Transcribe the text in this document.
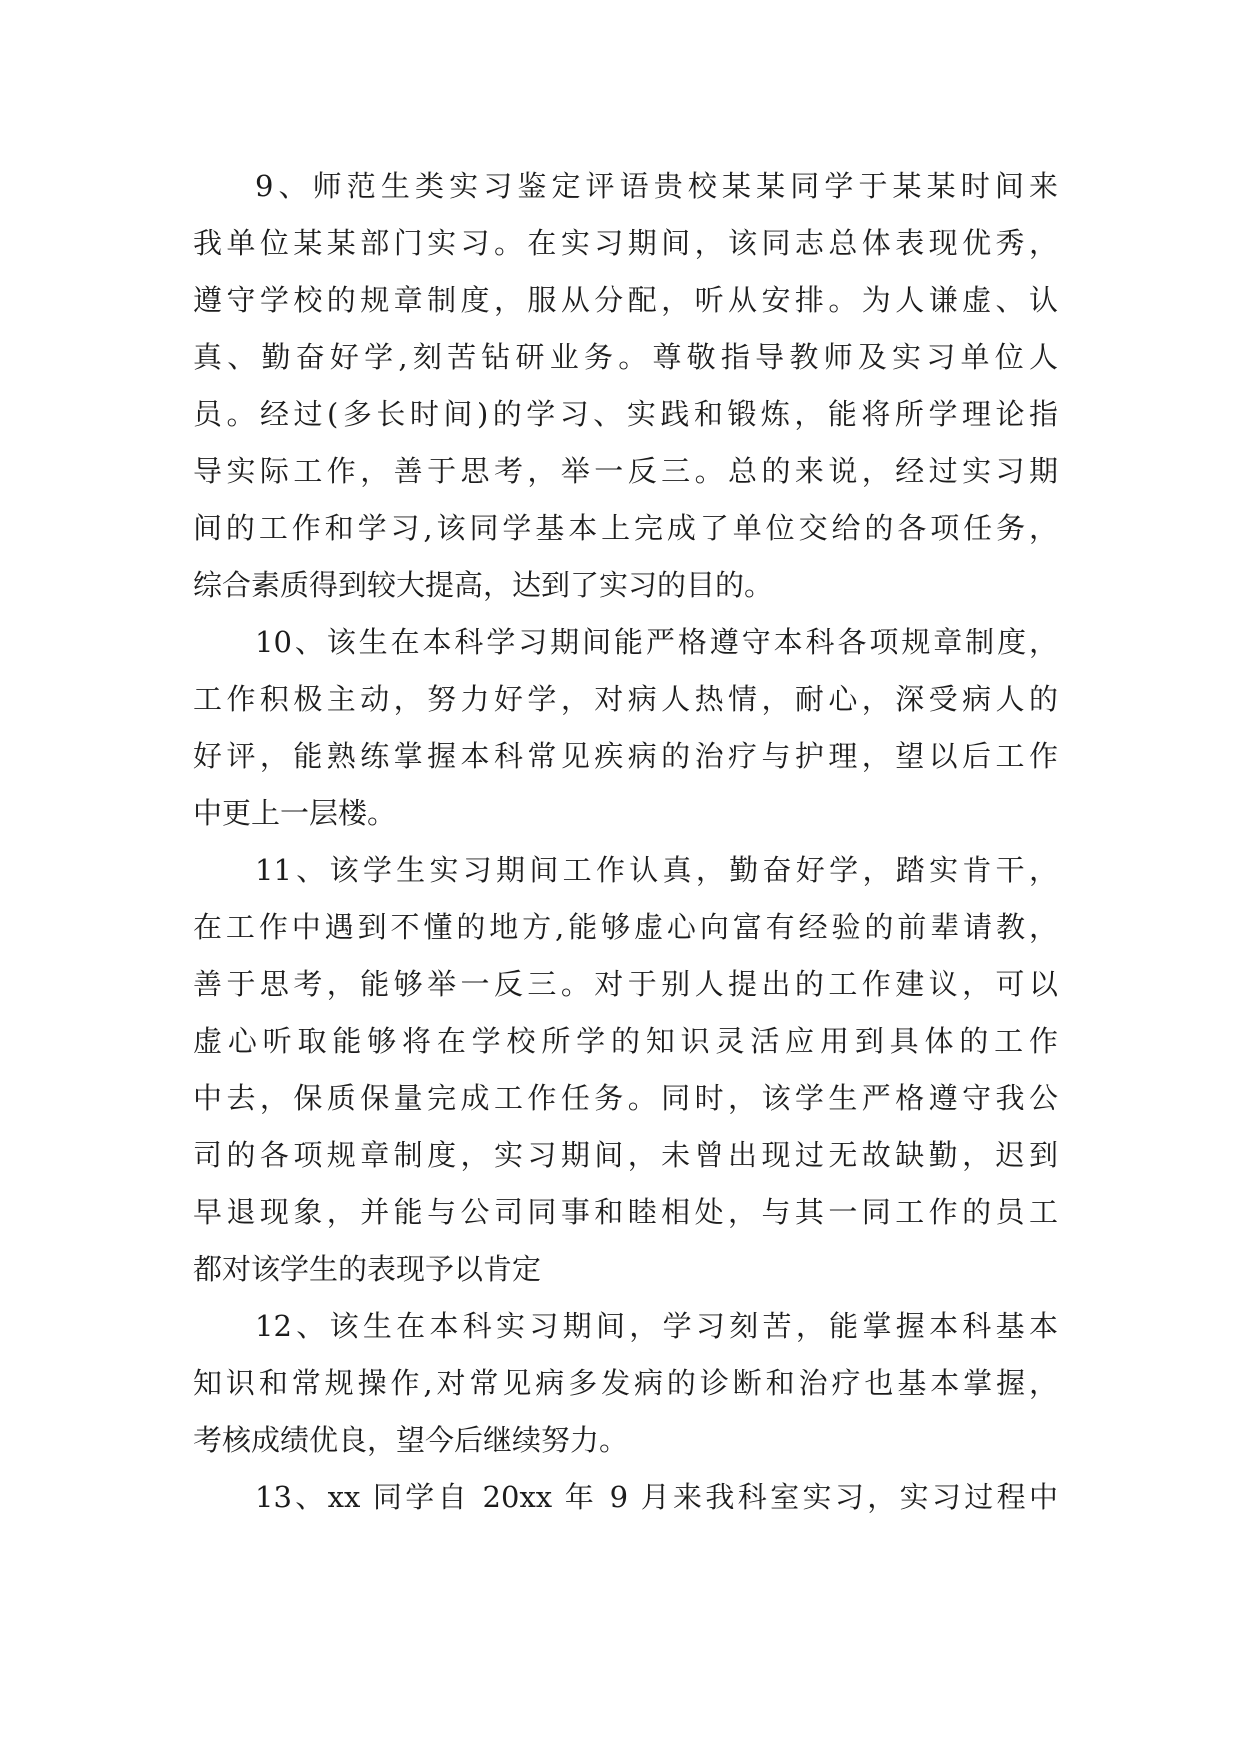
9、师范生类实习鉴定评语贵校某某同学于某某时间来
我单位某某部门实习。在实习期间，该同志总体表现优秀，
遵守学校的规章制度，服从分配，听从安排。为人谦虚、认
真、勤奋好学,刻苦钻研业务。尊敬指导教师及实习单位人
员。经过(多长时间)的学习、实践和锻炼，能将所学理论指
导实际工作，善于思考，举一反三。总的来说，经过实习期
间的工作和学习,该同学基本上完成了单位交给的各项任务，
综合素质得到较大提高，达到了实习的目的。
10、该生在本科学习期间能严格遵守本科各项规章制度，
工作积极主动，努力好学，对病人热情，耐心，深受病人的
好评，能熟练掌握本科常见疾病的治疗与护理，望以后工作
中更上一层楼。
11、该学生实习期间工作认真，勤奋好学，踏实肯干，
在工作中遇到不懂的地方,能够虚心向富有经验的前辈请教，
善于思考，能够举一反三。对于别人提出的工作建议，可以
虚心听取能够将在学校所学的知识灵活应用到具体的工作
中去，保质保量完成工作任务。同时，该学生严格遵守我公
司的各项规章制度，实习期间，未曾出现过无故缺勤，迟到
早退现象，并能与公司同事和睦相处，与其一同工作的员工
都对该学生的表现予以肯定
12、该生在本科实习期间，学习刻苦，能掌握本科基本
知识和常规操作,对常见病多发病的诊断和治疗也基本掌握，
考核成绩优良，望今后继续努力。
13、xx 同学自 20xx 年 9 月来我科室实习，实习过程中
